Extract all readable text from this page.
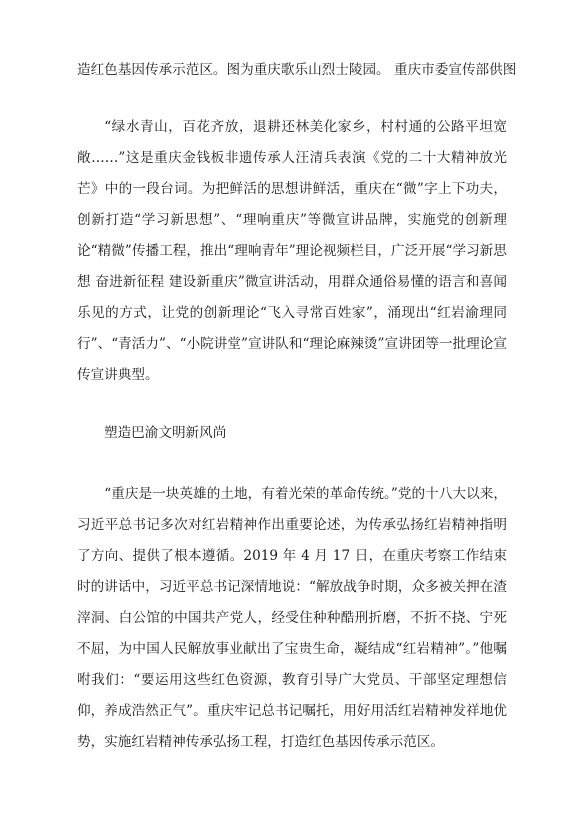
造红色基因传承示范区。图为重庆歌乐山烈士陵园。 重庆市委宣传部供图

“绿水青山，百花齐放，退耕还林美化家乡，村村通的公路平坦宽敞……”这是重庆金钱板非遗传承人汪清兵表演《党的二十大精神放光芒》中的一段台词。为把鲜活的思想讲鲜活，重庆在“微”字上下功夫，创新打造“学习新思想”、“理响重庆”等微宣讲品牌，实施党的创新理论“精微”传播工程，推出“理响青年”理论视频栏目，广泛开展“学习新思想 奋进新征程 建设新重庆”微宣讲活动，用群众通俗易懂的语言和喜闻乐见的方式，让党的创新理论“飞入寻常百姓家”，涌现出“红岩渝理同行”、“青活力”、“小院讲堂”宣讲队和“理论麻辣烫”宣讲团等一批理论宣传宣讲典型。

塑造巴渝文明新风尚

“重庆是一块英雄的土地，有着光荣的革命传统。”党的十八大以来，习近平总书记多次对红岩精神作出重要论述，为传承弘扬红岩精神指明了方向、提供了根本遵循。2019 年 4 月 17 日，在重庆考察工作结束时的讲话中，习近平总书记深情地说：“解放战争时期，众多被关押在渣滓洞、白公馆的中国共产党人，经受住种种酷刑折磨，不折不挠、宁死不屈，为中国人民解放事业献出了宝贵生命，凝结成“红岩精神”。”他嘱咐我们：“要运用这些红色资源，教育引导广大党员、干部坚定理想信仰，养成浩然正气”。重庆牢记总书记嘱托，用好用活红岩精神发祥地优势，实施红岩精神传承弘扬工程，打造红色基因传承示范区。
